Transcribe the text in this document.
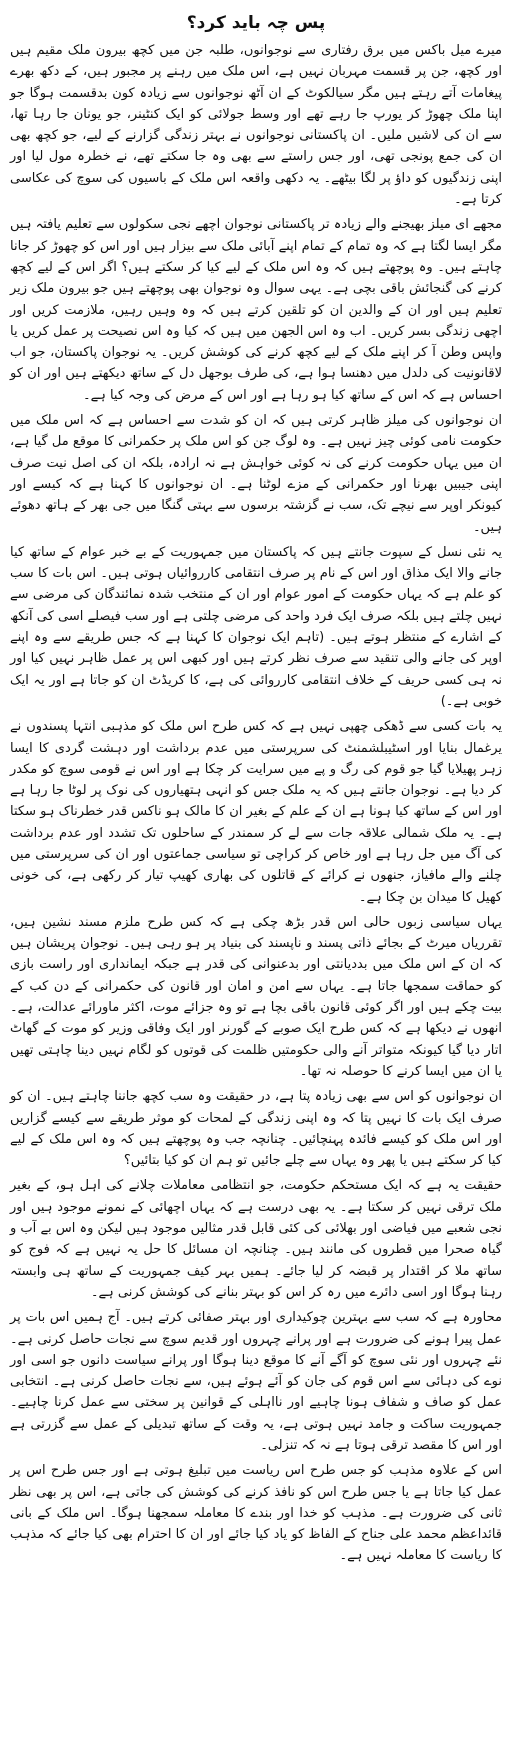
پس چہ باید کرد؟

میرے میل باکس میں برق رفتاری سے نوجوانوں، طلبہ جن میں کچھ بیرون ملک مقیم ہیں اور کچھ، جن پر قسمت مہربان نہیں ہے، اس ملک میں رہنے پر مجبور ہیں، کے دکھ بھرے پیغامات آتے رہتے ہیں مگر سیالکوٹ کے ان آٹھ نوجوانوں سے زیادہ کون بدقسمت ہوگا جو اپنا ملک چھوڑ کر یورپ جا رہے تھے اور وسط جولائی کو ایک کنٹینر، جو یونان جا رہا تھا، سے ان کی لاشیں ملیں۔ ان پاکستانی نوجوانوں نے بہتر زندگی گزارنے کے لیے، جو کچھ بھی ان کی جمع پونجی تھی، اور جس راستے سے بھی وہ جا سکتے تھے، نے خطرہ مول لیا اور اپنی زندگیوں کو داؤ پر لگا بیٹھے۔ یہ دکھی واقعہ اس ملک کے باسیوں کی سوچ کی عکاسی کرتا ہے۔

مجھے ای میلز بھیجنے والے زیادہ تر پاکستانی نوجوان اچھے نجی سکولوں سے تعلیم یافتہ ہیں مگر ایسا لگتا ہے کہ وہ تمام کے تمام اپنے آبائی ملک سے بیزار ہیں اور اس کو چھوڑ کر جانا چاہتے ہیں۔ وہ پوچھتے ہیں کہ وہ اس ملک کے لیے کیا کر سکتے ہیں؟ اگر اس کے لیے کچھ کرنے کی گنجائش باقی بچی ہے۔ یہی سوال وہ نوجوان بھی پوچھتے ہیں جو بیرون ملک زیر تعلیم ہیں اور ان کے والدین ان کو تلقین کرتے ہیں کہ وہ وہیں رہیں، ملازمت کریں اور اچھی زندگی بسر کریں۔ اب وہ اس الجھن میں ہیں کہ کیا وہ اس نصیحت پر عمل کریں یا واپس وطن آ کر اپنے ملک کے لیے کچھ کرنے کی کوشش کریں۔ یہ نوجوان پاکستان، جو اب لاقانونیت کی دلدل میں دھنسا ہوا ہے، کی طرف بوجھل دل کے ساتھ دیکھتے ہیں اور ان کو احساس ہے کہ اس کے ساتھ کیا ہو رہا ہے اور اس کے مرض کی وجہ کیا ہے۔

ان نوجوانوں کی میلز ظاہر کرتی ہیں کہ ان کو شدت سے احساس ہے کہ اس ملک میں حکومت نامی کوئی چیز نہیں ہے۔ وہ لوگ جن کو اس ملک پر حکمرانی کا موقع مل گیا ہے، ان میں یہاں حکومت کرنے کی نہ کوئی خواہش ہے نہ ارادہ، بلکہ ان کی اصل نیت صرف اپنی جیبیں بھرنا اور حکمرانی کے مزے لوٹنا ہے۔ ان نوجوانوں کا کہنا ہے کہ کیسے اور کیونکر اوپر سے نیچے تک، سب نے گزشتہ برسوں سے بہتی گنگا میں جی بھر کے ہاتھ دھوئے ہیں۔

یہ نئی نسل کے سپوت جانتے ہیں کہ پاکستان میں جمہوریت کے بے خبر عوام کے ساتھ کیا جانے والا ایک مذاق اور اس کے نام پر صرف انتقامی کارروائیاں ہوتی ہیں۔ اس بات کا سب کو علم ہے کہ یہاں حکومت کے امور عوام اور ان کے منتخب شدہ نمائندگان کی مرضی سے نہیں چلتے ہیں بلکہ صرف ایک فرد واحد کی مرضی چلتی ہے اور سب فیصلے اسی کی آنکھ کے اشارے کے منتظر ہوتے ہیں۔ (تاہم ایک نوجوان کا کہنا ہے کہ جس طریقے سے وہ اپنے اوپر کی جانے والی تنقید سے صرف نظر کرتے ہیں اور کبھی اس پر عمل ظاہر نہیں کیا اور نہ ہی کسی حریف کے خلاف انتقامی کارروائی کی ہے، کا کریڈٹ ان کو جاتا ہے اور یہ ایک خوبی ہے۔)

یہ بات کسی سے ڈھکی چھپی نہیں ہے کہ کس طرح اس ملک کو مذہبی انتہا پسندوں نے یرغمال بنایا اور اسٹیبلشمنٹ کی سرپرستی میں عدم برداشت اور دہشت گردی کا ایسا زہر پھیلایا گیا جو قوم کی رگ و پے میں سرایت کر چکا ہے اور اس نے قومی سوچ کو مکدر کر دیا ہے۔ نوجوان جانتے ہیں کہ یہ ملک جس کو انہی ہتھیاروں کی نوک پر لوٹا جا رہا ہے اور اس کے ساتھ کیا ہونا ہے ان کے علم کے بغیر ان کا مالک ہو ناکس قدر خطرناک ہو سکتا ہے۔ یہ ملک شمالی علاقہ جات سے لے کر سمندر کے ساحلوں تک تشدد اور عدم برداشت کی آگ میں جل رہا ہے اور خاص کر کراچی تو سیاسی جماعتوں اور ان کی سرپرستی میں چلنے والے مافیاز، جنھوں نے کرائے کے قاتلوں کی بھاری کھیپ تیار کر رکھی ہے، کی خونی کھیل کا میدان بن چکا ہے۔

یہاں سیاسی زبوں حالی اس قدر بڑھ چکی ہے کہ کس طرح ملزم مسند نشین ہیں، تقرریاں میرٹ کے بجائے ذاتی پسند و ناپسند کی بنیاد پر ہو رہی ہیں۔ نوجوان پریشان ہیں کہ ان کے اس ملک میں بددیانتی اور بدعنوانی کی قدر ہے جبکہ ایمانداری اور راست بازی کو حماقت سمجھا جاتا ہے۔ یہاں سے امن و امان اور قانون کی حکمرانی کے دن کب کے بیت چکے ہیں اور اگر کوئی قانون باقی بچا ہے تو وہ جزائے موت، اکثر ماورائے عدالت، ہے۔ انھوں نے دیکھا ہے کہ کس طرح ایک صوبے کے گورنر اور ایک وفاقی وزیر کو موت کے گھاٹ اتار دیا گیا کیونکہ متواتر آنے والی حکومتیں ظلمت کی قوتوں کو لگام نہیں دینا چاہتی تھیں یا ان میں ایسا کرنے کا حوصلہ نہ تھا۔

ان نوجوانوں کو اس سے بھی زیادہ پتا ہے، در حقیقت وہ سب کچھ جاننا چاہتے ہیں۔ ان کو صرف ایک بات کا نہیں پتا کہ وہ اپنی زندگی کے لمحات کو موثر طریقے سے کیسے گزاریں اور اس ملک کو کیسے فائدہ پہنچائیں۔ چنانچہ جب وہ پوچھتے ہیں کہ وہ اس ملک کے لیے کیا کر سکتے ہیں یا پھر وہ یہاں سے چلے جائیں تو ہم ان کو کیا بتائیں؟

حقیقت یہ ہے کہ ایک مستحکم حکومت، جو انتظامی معاملات چلانے کی اہل ہو، کے بغیر ملک ترقی نہیں کر سکتا ہے۔ یہ بھی درست ہے کہ یہاں اچھائی کے نمونے موجود ہیں اور نجی شعبے میں فیاضی اور بھلائی کی کئی قابل قدر مثالیں موجود ہیں لیکن وہ اس بے آب و گیاہ صحرا میں قطروں کی مانند ہیں۔ چنانچہ ان مسائل کا حل یہ نہیں ہے کہ فوج کو ساتھ ملا کر اقتدار پر قبضہ کر لیا جائے۔ ہمیں بہر کیف جمہوریت کے ساتھ ہی وابستہ رہنا ہوگا اور اسی دائرے میں رہ کر اس کو بہتر بنانے کی کوشش کرنی ہے۔

محاورہ ہے کہ سب سے بہترین چوکیداری اور بہتر صفائی کرتے ہیں۔ آج ہمیں اس بات پر عمل پیرا ہونے کی ضرورت ہے اور پرانے چہروں اور قدیم سوچ سے نجات حاصل کرنی ہے۔ نئے چہروں اور نئی سوچ کو آگے آنے کا موقع دینا ہوگا اور پرانے سیاست دانوں جو اسی اور نوے کی دہائی سے اس قوم کی جان کو آئے ہوئے ہیں، سے نجات حاصل کرنی ہے۔ انتخابی عمل کو صاف و شفاف ہونا چاہیے اور نااہلی کے قوانین پر سختی سے عمل کرنا چاہیے۔ جمہوریت ساکت و جامد نہیں ہوتی ہے، یہ وقت کے ساتھ تبدیلی کے عمل سے گزرتی ہے اور اس کا مقصد ترقی ہوتا ہے نہ کہ تنزلی۔

اس کے علاوہ مذہب کو جس طرح اس ریاست میں تبلیغ ہوتی ہے اور جس طرح اس پر عمل کیا جاتا ہے یا جس طرح اس کو نافذ کرنے کی کوشش کی جاتی ہے، اس پر بھی نظر ثانی کی ضرورت ہے۔ مذہب کو خدا اور بندے کا معاملہ سمجھنا ہوگا۔ اس ملک کے بانی قائداعظم محمد علی جناح کے الفاظ کو یاد کیا جائے اور ان کا احترام بھی کیا جائے کہ مذہب کا ریاست کا معاملہ نہیں ہے۔
